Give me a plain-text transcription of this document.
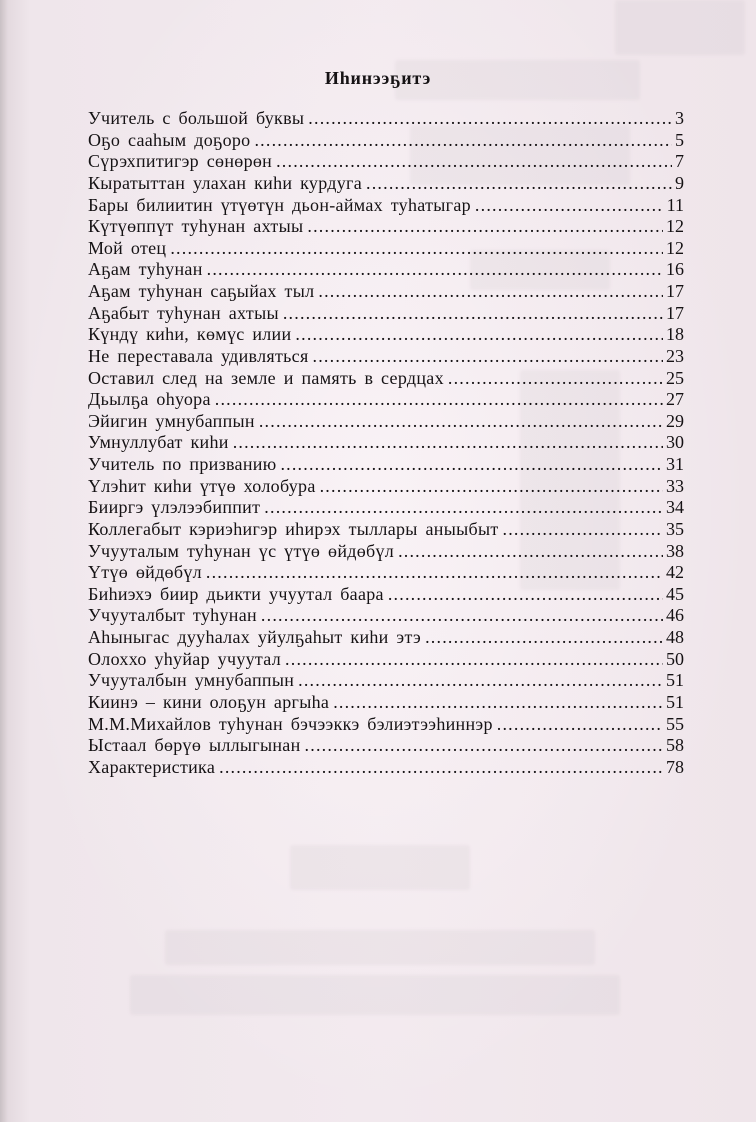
Иһинээҕитэ
Учитель с большой буквы .....	3
Оҕо сааһым доҕоро .....	5
Сүрэхпитигэр сөнөрөн .....	7
Кыратыттан улахан киһи курдуга .....	9
Бары билиитин үтүөтүн дьон-аймах туһатыгар .....	11
Күтүөппүт туһунан ахтыы .....	12
Мой отец .....	12
Аҕам туһунан .....	16
Аҕам туһунан саҕыйах тыл .....	17
Аҕабыт туһунан ахтыы .....	17
Күндү киһи, көмүс илии .....	18
Не переставала удивляться .....	23
Оставил след на земле и память в сердцах .....	25
Дьылҕа оһуора .....	27
Эйигин умнубаппын .....	29
Умнуллубат киһи .....	30
Учитель по призванию .....	31
Үлэһит киһи үтүө холобура .....	33
Бииргэ үлэлээбиппит .....	34
Коллегабыт кэриэһигэр иһирэх тыллары аныыбыт .....	35
Учууталым туһунан үс үтүө өйдөбүл .....	38
Үтүө өйдөбүл .....	42
Биһиэхэ биир дьикти учуутал баара .....	45
Учууталбыт туһунан .....	46
Аһыныгас дууһалах уйулҕаһыт киһи этэ .....	48
Олоххо уһуйар учуутал .....	50
Учууталбын умнубаппын .....	51
Киинэ – кини олоҕун аргыһа .....	51
М.М.Михайлов туһунан бэчээккэ бэлиэтээһиннэр .....	55
Ыстаал бөрүө ыллыгынан .....	58
Характеристика .....	78
